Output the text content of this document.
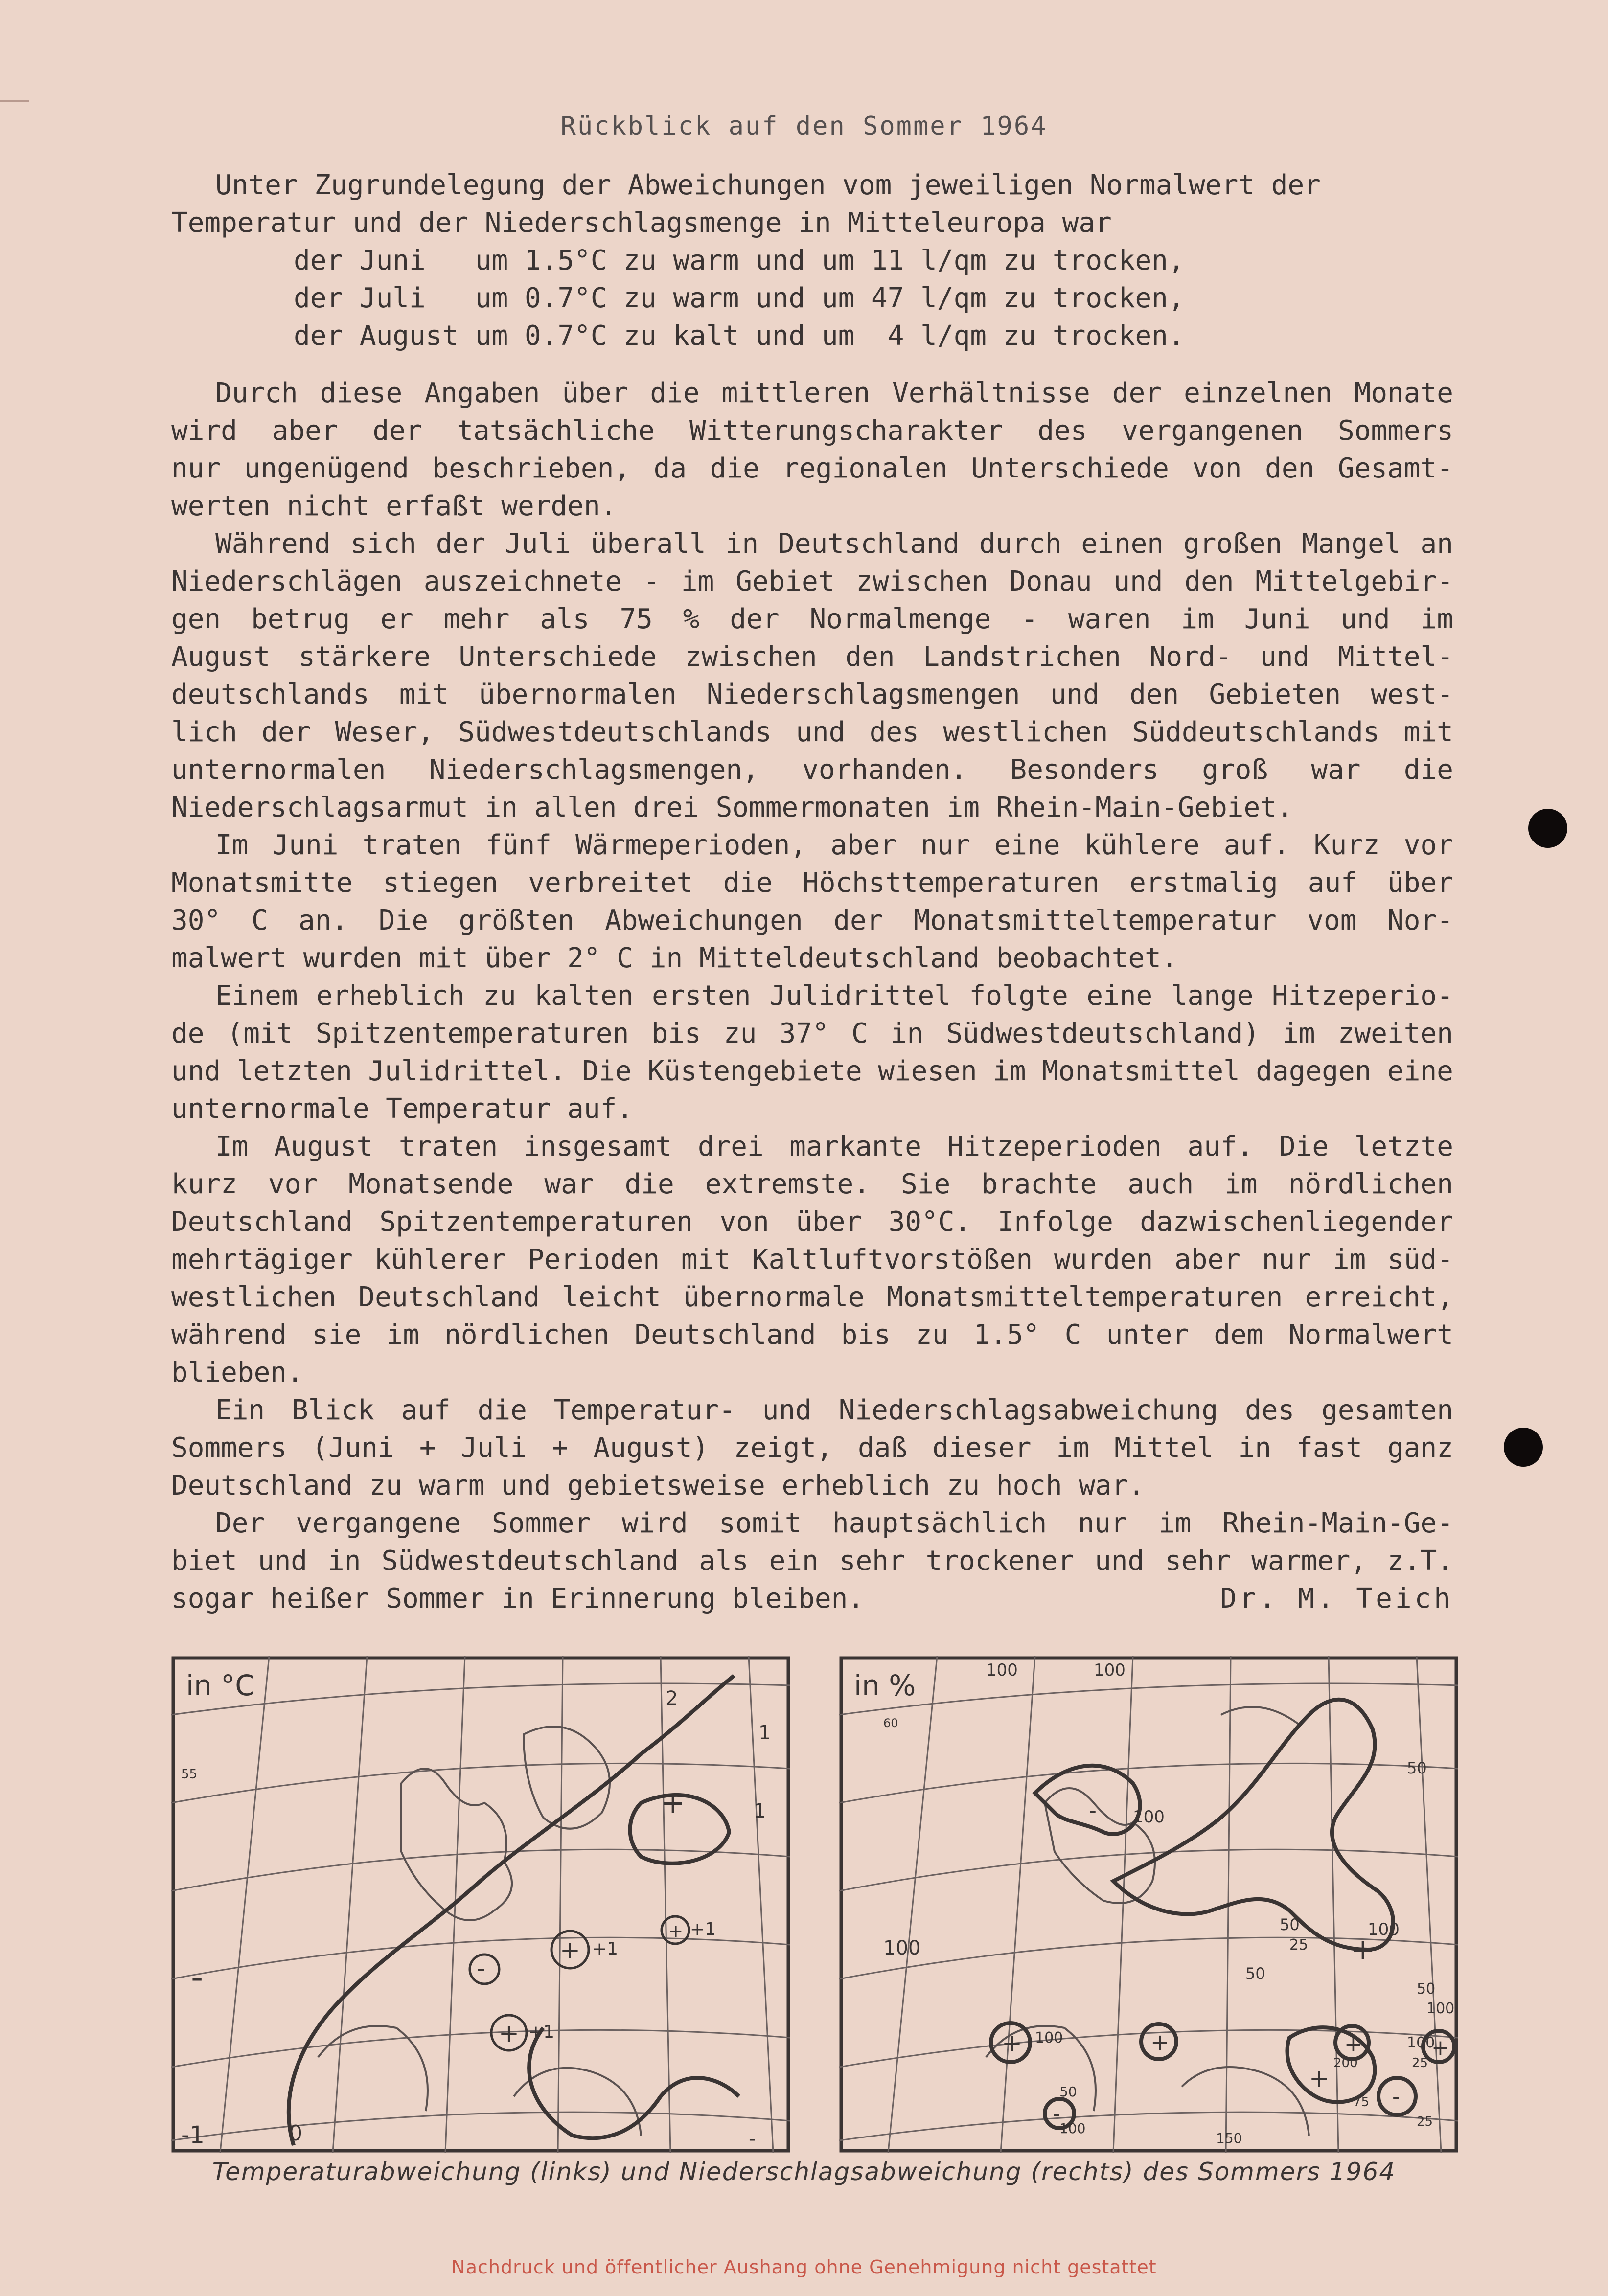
Rückblick auf den Sommer 1964
Unter Zugrundelegung der Abweichungen vom jeweiligen Normalwert der
Temperatur und der Niederschlagsmenge in Mitteleuropa war
der Juni   um 1.5°C zu warm und um 11 l/qm zu trocken,
der Juli   um 0.7°C zu warm und um 47 l/qm zu trocken,
der August um 0.7°C zu kalt und um  4 l/qm zu trocken.
Durch diese Angaben über die mittleren Verhältnisse der einzelnen Monate
wird aber der tatsächliche Witterungscharakter des vergangenen Sommers
nur ungenügend beschrieben, da die regionalen Unterschiede von den Gesamt-
werten nicht erfaßt werden.
Während sich der Juli überall in Deutschland durch einen großen Mangel an
Niederschlägen auszeichnete - im Gebiet zwischen Donau und den Mittelgebir-
gen betrug er mehr als 75 % der Normalmenge - waren im Juni und im
August stärkere Unterschiede zwischen den Landstrichen Nord- und Mittel-
deutschlands mit übernormalen Niederschlagsmengen und den Gebieten west-
lich der Weser, Südwestdeutschlands und des westlichen Süddeutschlands mit
unternormalen Niederschlagsmengen, vorhanden. Besonders groß war die
Niederschlagsarmut in allen drei Sommermonaten im Rhein-Main-Gebiet.
Im Juni traten fünf Wärmeperioden, aber nur eine kühlere auf. Kurz vor
Monatsmitte stiegen verbreitet die Höchsttemperaturen erstmalig auf über
30° C an. Die größten Abweichungen der Monatsmitteltemperatur vom Nor-
malwert wurden mit über 2° C in Mitteldeutschland beobachtet.
Einem erheblich zu kalten ersten Julidrittel folgte eine lange Hitzeperio-
de (mit Spitzentemperaturen bis zu 37° C in Südwestdeutschland) im zweiten
und letzten Julidrittel. Die Küstengebiete wiesen im Monatsmittel dagegen eine
unternormale Temperatur auf.
Im August traten insgesamt drei markante Hitzeperioden auf. Die letzte
kurz vor Monatsende war die extremste. Sie brachte auch im nördlichen
Deutschland Spitzentemperaturen von über 30°C. Infolge dazwischenliegender
mehrtägiger kühlerer Perioden mit Kaltluftvorstößen wurden aber nur im süd-
westlichen Deutschland leicht übernormale Monatsmitteltemperaturen erreicht,
während sie im nördlichen Deutschland bis zu 1.5° C unter dem Normalwert
blieben.
Ein Blick auf die Temperatur- und Niederschlagsabweichung des gesamten
Sommers (Juni + Juli + August) zeigt, daß dieser im Mittel in fast ganz
Deutschland zu warm und gebietsweise erheblich zu hoch war.
Der vergangene Sommer wird somit hauptsächlich nur im Rhein-Main-Ge-
biet und in Südwestdeutschland als ein sehr trockener und sehr warmer, z.T.
sogar heißer Sommer in Erinnerung bleiben.	Dr. M. Teich
in °C
-1	0
+1
+1
+1
1
2
1
55
-
+
+
-
-
+
+
in %	100
100
100
50
100
50
25
50
100
100
50
60
100
200	25
100
75
25
100
50
150
-
+
+	+
-
+
-
+	+
Temperaturabweichung (links) und Niederschlagsabweichung (rechts) des Sommers 1964
Nachdruck und öffentlicher Aushang ohne Genehmigung nicht gestattet
